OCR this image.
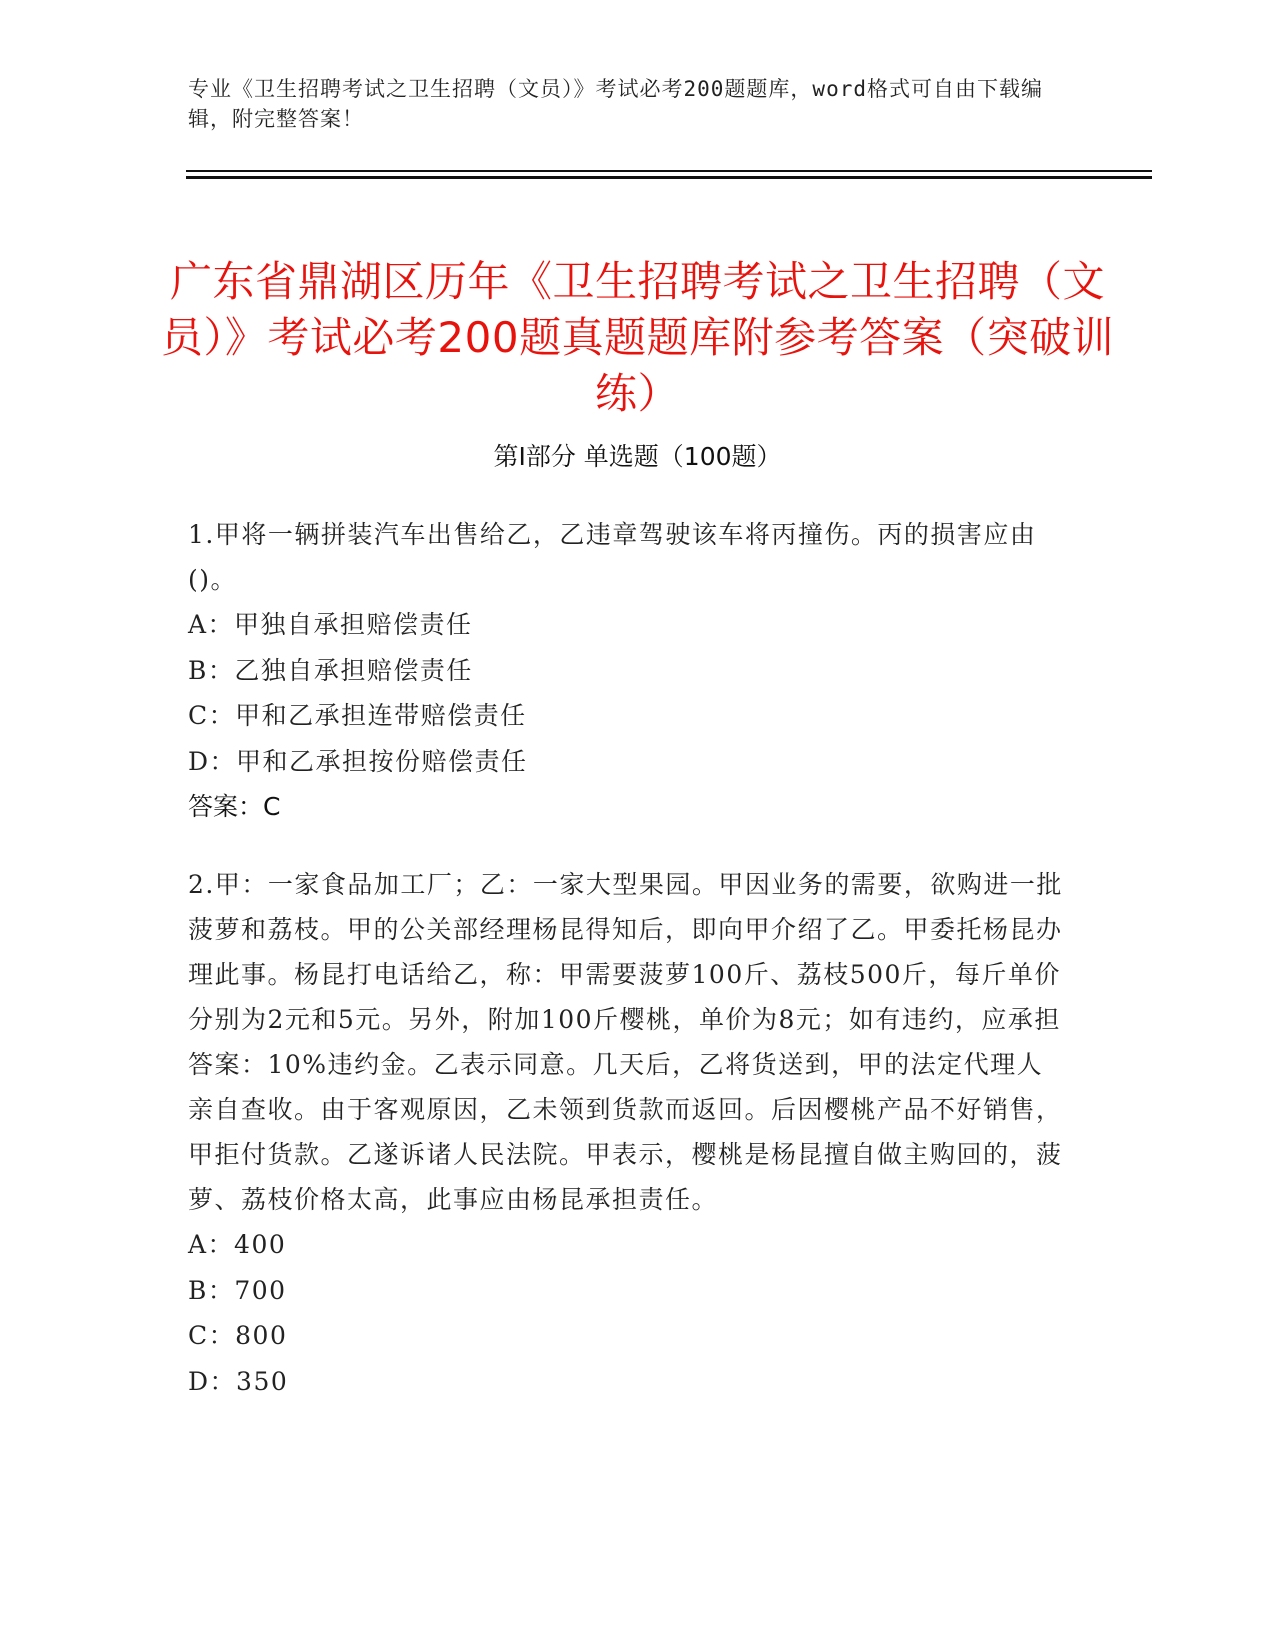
专业《卫生招聘考试之卫生招聘（文员）》考试必考200题题库，word格式可自由下载编辑，附完整答案！
广东省鼎湖区历年《卫生招聘考试之卫生招聘（文员）》考试必考200题真题题库附参考答案（突破训练）
第Ⅰ部分 单选题（100题）

1.甲将一辆拼装汽车出售给乙，乙违章驾驶该车将丙撞伤。丙的损害应由()。

A：甲独自承担赔偿责任

B：乙独自承担赔偿责任

C：甲和乙承担连带赔偿责任

D：甲和乙承担按份赔偿责任

答案：C

2.甲：一家食品加工厂；乙：一家大型果园。甲因业务的需要，欲购进一批菠萝和荔枝。甲的公关部经理杨昆得知后，即向甲介绍了乙。甲委托杨昆办理此事。杨昆打电话给乙，称：甲需要菠萝100斤、荔枝500斤，每斤单价分别为2元和5元。另外，附加100斤樱桃，单价为8元；如有违约，应承担答案：10%违约金。乙表示同意。几天后，乙将货送到，甲的法定代理人亲自查收。由于客观原因，乙未领到货款而返回。后因樱桃产品不好销售，甲拒付货款。乙遂诉诸人民法院。甲表示，樱桃是杨昆擅自做主购回的，菠萝、荔枝价格太高，此事应由杨昆承担责任。

A：400

B：700

C：800

D：350
